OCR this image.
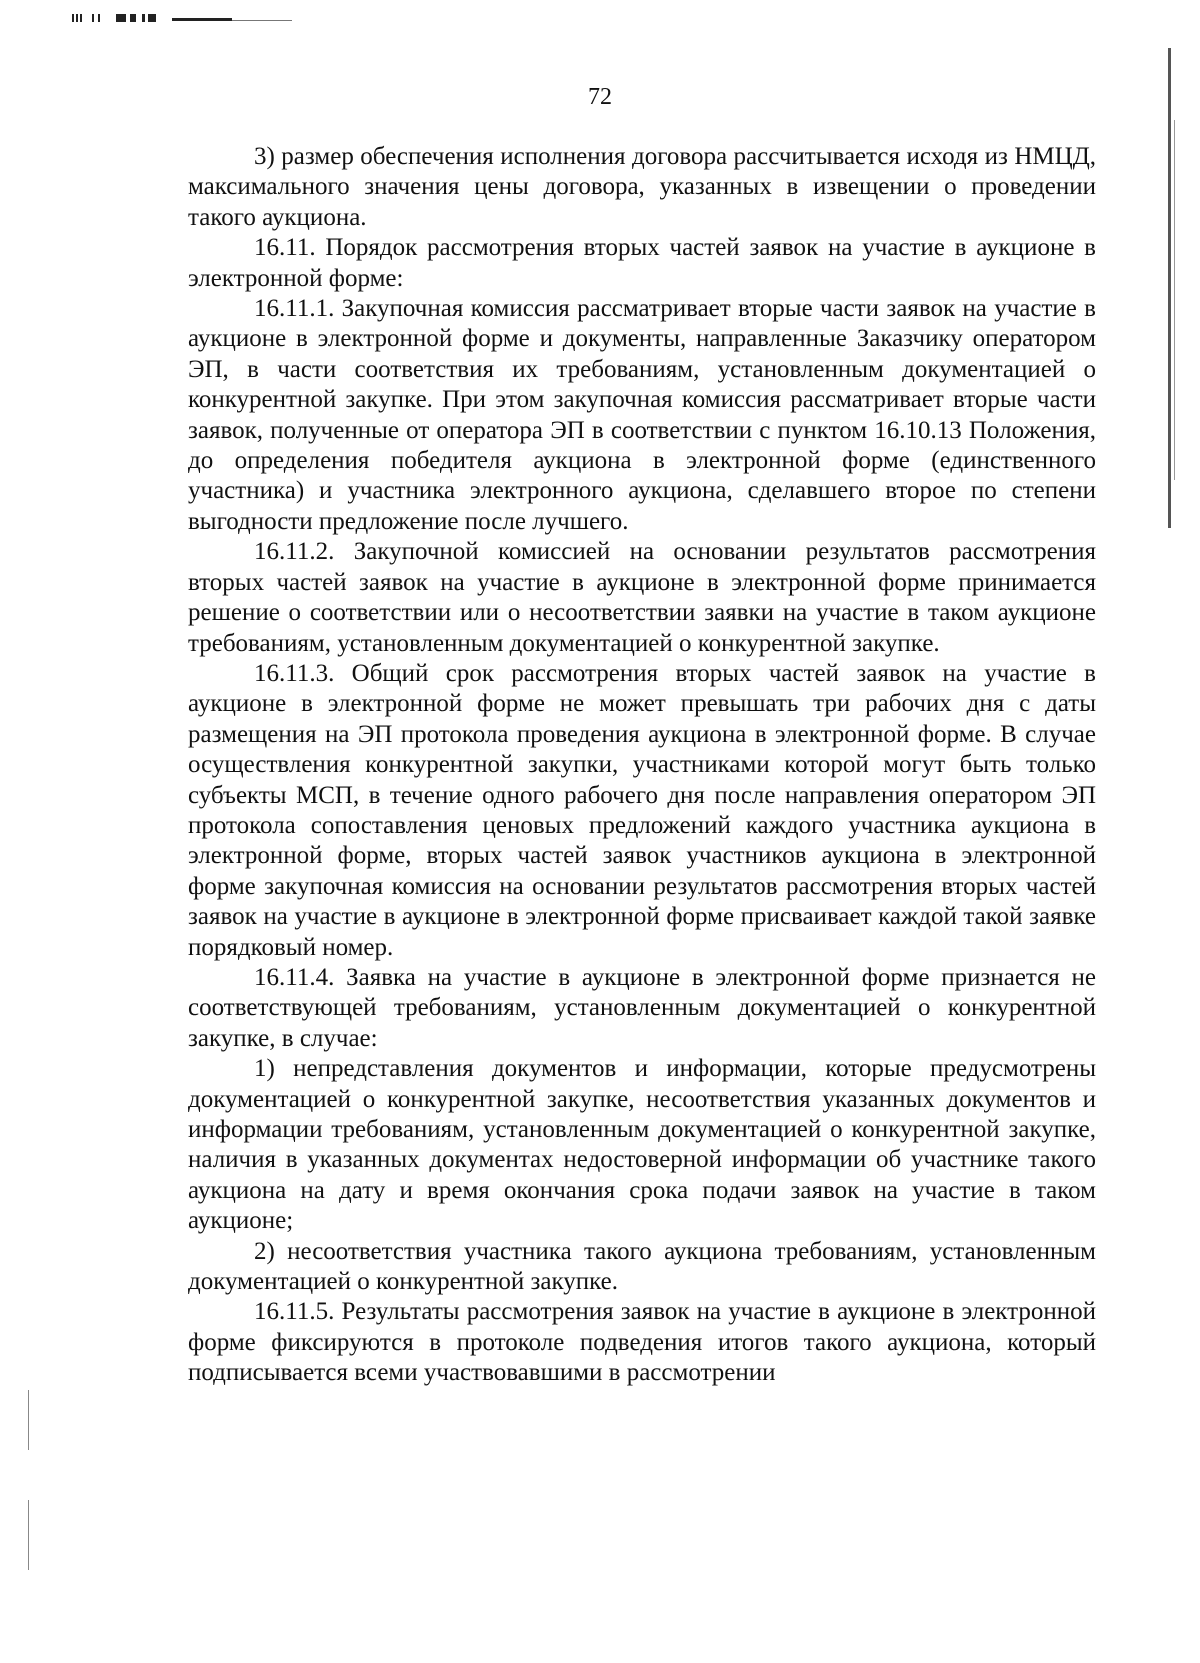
72

3) размер обеспечения исполнения договора рассчитывается исходя из НМЦД, максимального значения цены договора, указанных в извещении о проведении такого аукциона.

16.11. Порядок рассмотрения вторых частей заявок на участие в аукционе в электронной форме:

16.11.1. Закупочная комиссия рассматривает вторые части заявок на участие в аукционе в электронной форме и документы, направленные Заказчику оператором ЭП, в части соответствия их требованиям, установленным документацией о конкурентной закупке. При этом закупочная комиссия рассматривает вторые части заявок, полученные от оператора ЭП в соответствии с пунктом 16.10.13 Положения, до определения победителя аукциона в электронной форме (единственного участника) и участника электронного аукциона, сделавшего второе по степени выгодности предложение после лучшего.

16.11.2. Закупочной комиссией на основании результатов рассмотрения вторых частей заявок на участие в аукционе в электронной форме принимается решение о соответствии или о несоответствии заявки на участие в таком аукционе требованиям, установленным документацией о конкурентной закупке.

16.11.3. Общий срок рассмотрения вторых частей заявок на участие в аукционе в электронной форме не может превышать три рабочих дня с даты размещения на ЭП протокола проведения аукциона в электронной форме. В случае осуществления конкурентной закупки, участниками которой могут быть только субъекты МСП, в течение одного рабочего дня после направления оператором ЭП протокола сопоставления ценовых предложений каждого участника аукциона в электронной форме, вторых частей заявок участников аукциона в электронной форме закупочная комиссия на основании результатов рассмотрения вторых частей заявок на участие в аукционе в электронной форме присваивает каждой такой заявке порядковый номер.

16.11.4. Заявка на участие в аукционе в электронной форме признается не соответствующей требованиям, установленным документацией о конкурентной закупке, в случае:

1) непредставления документов и информации, которые предусмотрены документацией о конкурентной закупке, несоответствия указанных документов и информации требованиям, установленным документацией о конкурентной закупке, наличия в указанных документах недостоверной информации об участнике такого аукциона на дату и время окончания срока подачи заявок на участие в таком аукционе;

2) несоответствия участника такого аукциона требованиям, установленным документацией о конкурентной закупке.

16.11.5. Результаты рассмотрения заявок на участие в аукционе в электронной форме фиксируются в протоколе подведения итогов такого аукциона, который подписывается всеми участвовавшими в рассмотрении
